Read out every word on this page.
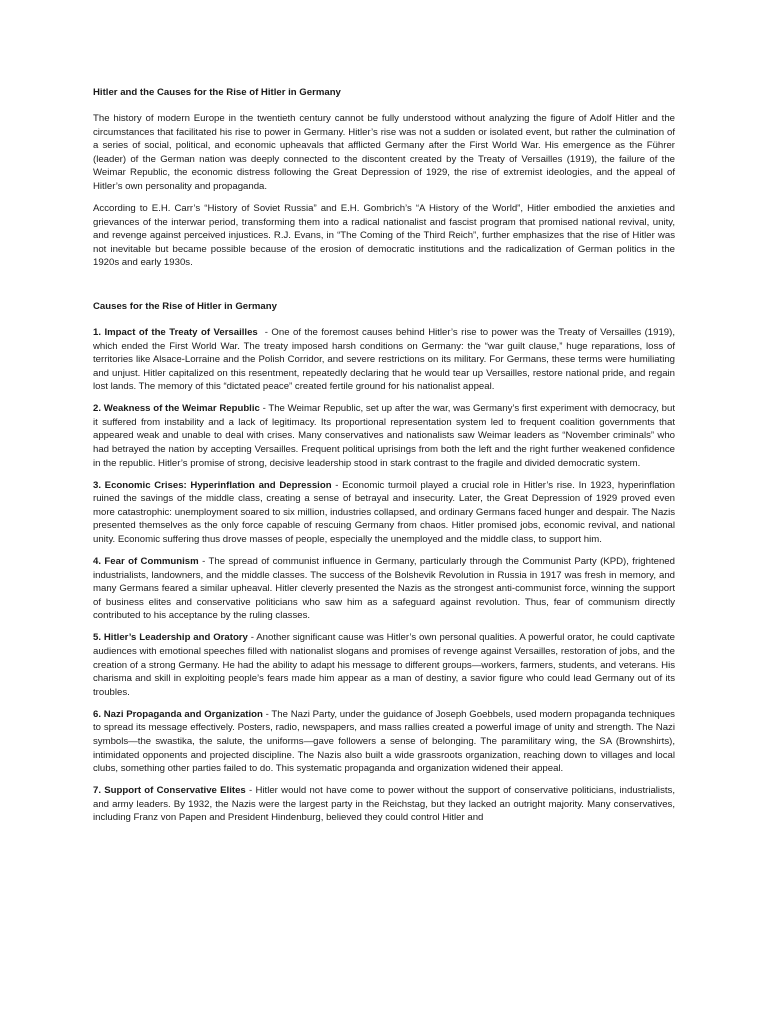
Hitler and the Causes for the Rise of Hitler in Germany

The history of modern Europe in the twentieth century cannot be fully understood without analyzing the figure of Adolf Hitler and the circumstances that facilitated his rise to power in Germany. Hitler’s rise was not a sudden or isolated event, but rather the culmination of a series of social, political, and economic upheavals that afflicted Germany after the First World War. His emergence as the Führer (leader) of the German nation was deeply connected to the discontent created by the Treaty of Versailles (1919), the failure of the Weimar Republic, the economic distress following the Great Depression of 1929, the rise of extremist ideologies, and the appeal of Hitler’s own personality and propaganda.

According to E.H. Carr’s “History of Soviet Russia” and E.H. Gombrich’s “A History of the World”, Hitler embodied the anxieties and grievances of the interwar period, transforming them into a radical nationalist and fascist program that promised national revival, unity, and revenge against perceived injustices. R.J. Evans, in “The Coming of the Third Reich”, further emphasizes that the rise of Hitler was not inevitable but became possible because of the erosion of democratic institutions and the radicalization of German politics in the 1920s and early 1930s.

Causes for the Rise of Hitler in Germany

1. Impact of the Treaty of Versailles  - One of the foremost causes behind Hitler’s rise to power was the Treaty of Versailles (1919), which ended the First World War. The treaty imposed harsh conditions on Germany: the “war guilt clause,” huge reparations, loss of territories like Alsace-Lorraine and the Polish Corridor, and severe restrictions on its military. For Germans, these terms were humiliating and unjust. Hitler capitalized on this resentment, repeatedly declaring that he would tear up Versailles, restore national pride, and regain lost lands. The memory of this “dictated peace” created fertile ground for his nationalist appeal.

2. Weakness of the Weimar Republic - The Weimar Republic, set up after the war, was Germany’s first experiment with democracy, but it suffered from instability and a lack of legitimacy. Its proportional representation system led to frequent coalition governments that appeared weak and unable to deal with crises. Many conservatives and nationalists saw Weimar leaders as “November criminals” who had betrayed the nation by accepting Versailles. Frequent political uprisings from both the left and the right further weakened confidence in the republic. Hitler’s promise of strong, decisive leadership stood in stark contrast to the fragile and divided democratic system.

3. Economic Crises: Hyperinflation and Depression - Economic turmoil played a crucial role in Hitler’s rise. In 1923, hyperinflation ruined the savings of the middle class, creating a sense of betrayal and insecurity. Later, the Great Depression of 1929 proved even more catastrophic: unemployment soared to six million, industries collapsed, and ordinary Germans faced hunger and despair. The Nazis presented themselves as the only force capable of rescuing Germany from chaos. Hitler promised jobs, economic revival, and national unity. Economic suffering thus drove masses of people, especially the unemployed and the middle class, to support him.

4. Fear of Communism - The spread of communist influence in Germany, particularly through the Communist Party (KPD), frightened industrialists, landowners, and the middle classes. The success of the Bolshevik Revolution in Russia in 1917 was fresh in memory, and many Germans feared a similar upheaval. Hitler cleverly presented the Nazis as the strongest anti-communist force, winning the support of business elites and conservative politicians who saw him as a safeguard against revolution. Thus, fear of communism directly contributed to his acceptance by the ruling classes.

5. Hitler’s Leadership and Oratory - Another significant cause was Hitler’s own personal qualities. A powerful orator, he could captivate audiences with emotional speeches filled with nationalist slogans and promises of revenge against Versailles, restoration of jobs, and the creation of a strong Germany. He had the ability to adapt his message to different groups—workers, farmers, students, and veterans. His charisma and skill in exploiting people’s fears made him appear as a man of destiny, a savior figure who could lead Germany out of its troubles.

6. Nazi Propaganda and Organization - The Nazi Party, under the guidance of Joseph Goebbels, used modern propaganda techniques to spread its message effectively. Posters, radio, newspapers, and mass rallies created a powerful image of unity and strength. The Nazi symbols—the swastika, the salute, the uniforms—gave followers a sense of belonging. The paramilitary wing, the SA (Brownshirts), intimidated opponents and projected discipline. The Nazis also built a wide grassroots organization, reaching down to villages and local clubs, something other parties failed to do. This systematic propaganda and organization widened their appeal.

7. Support of Conservative Elites - Hitler would not have come to power without the support of conservative politicians, industrialists, and army leaders. By 1932, the Nazis were the largest party in the Reichstag, but they lacked an outright majority. Many conservatives, including Franz von Papen and President Hindenburg, believed they could control Hitler and
